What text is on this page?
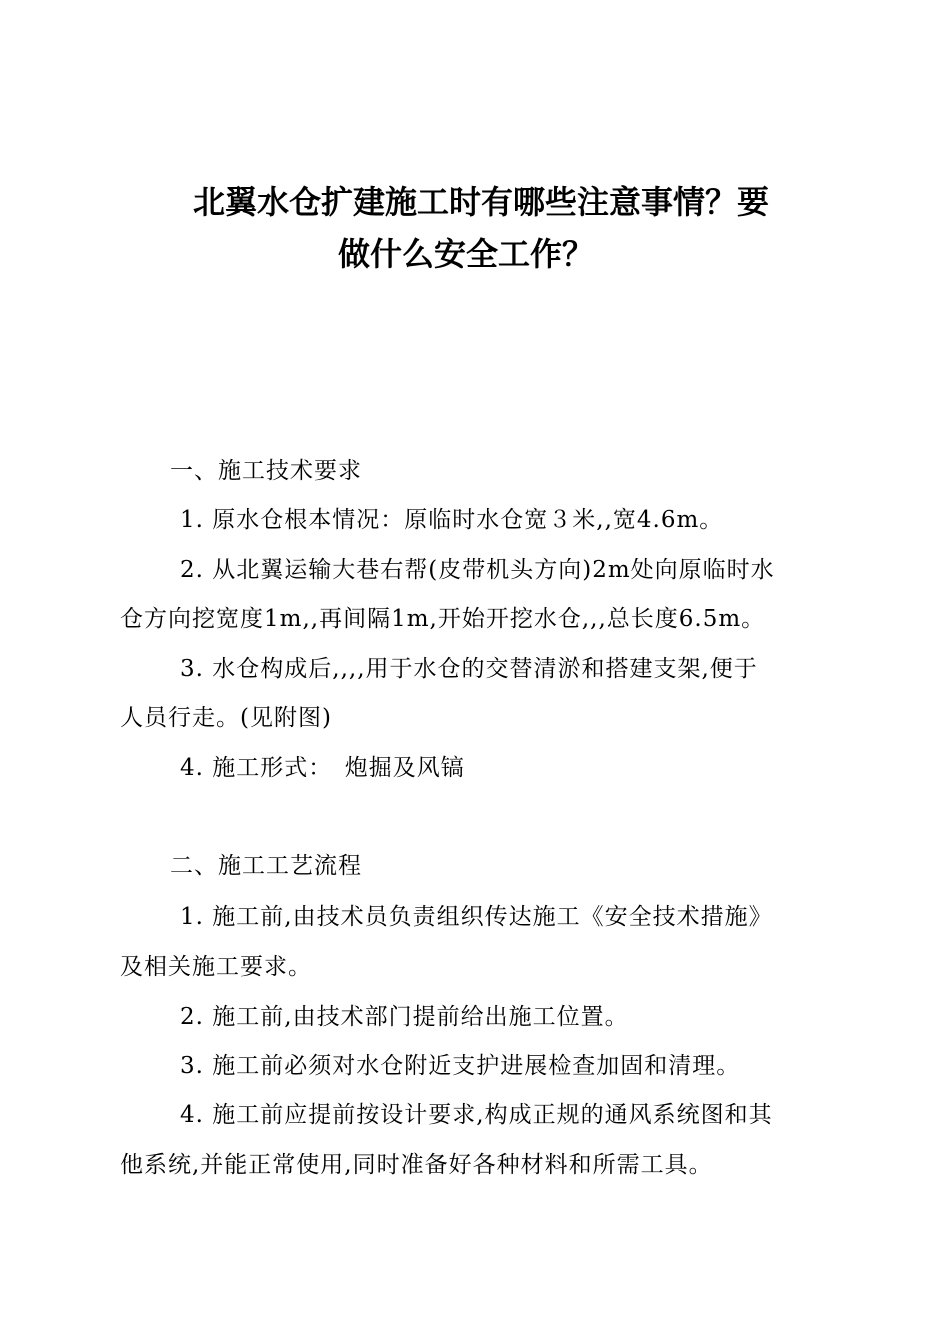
北翼水仓扩建施工时有哪些注意事情？要
做什么安全工作？
一、施工技术要求
1. 原水仓根本情况：原临时水仓宽３米,,宽4.6m。
2. 从北翼运输大巷右帮(皮带机头方向)2m处向原临时水
仓方向挖宽度1m,,再间隔1m,开始开挖水仓,,,总长度6.5m。
3. 水仓构成后,,,,用于水仓的交替清淤和搭建支架,便于
人员行走。(见附图)
4. 施工形式：　炮掘及风镐
二、施工工艺流程
1. 施工前,由技术员负责组织传达施工《安全技术措施》
及相关施工要求。
2. 施工前,由技术部门提前给出施工位置。
3. 施工前必须对水仓附近支护进展检查加固和清理。
4. 施工前应提前按设计要求,构成正规的通风系统图和其
他系统,并能正常使用,同时准备好各种材料和所需工具。
